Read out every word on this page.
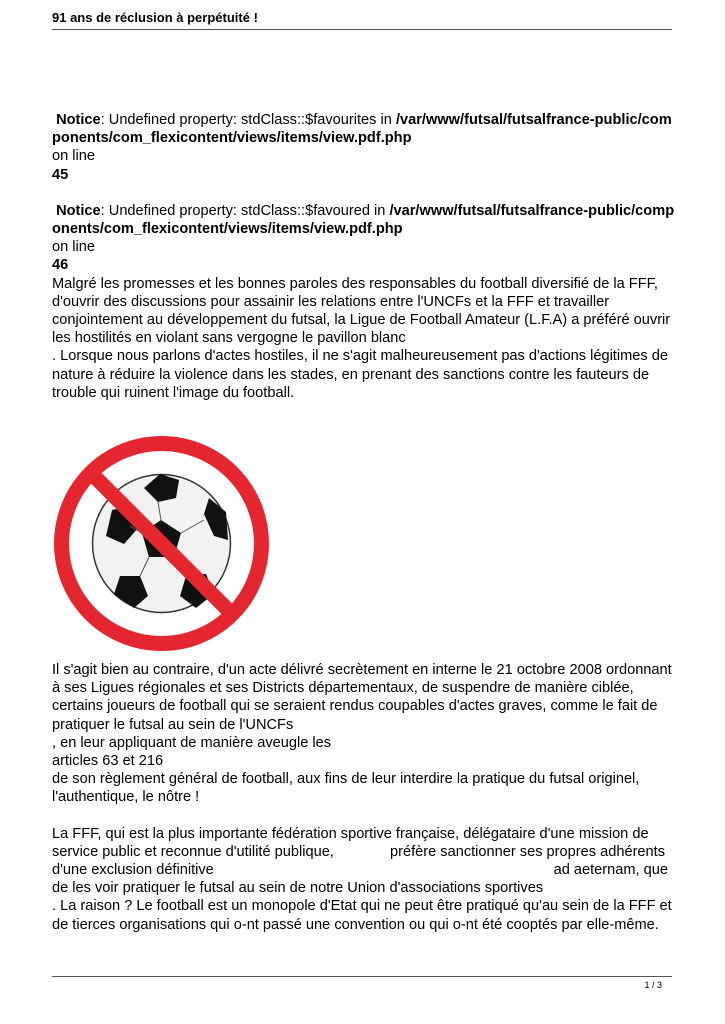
91 ans de réclusion à perpétuité !
Notice: Undefined property: stdClass::$favourites in /var/www/futsal/futsalfrance-public/components/com_flexicontent/views/items/view.pdf.php
on line
45
Notice: Undefined property: stdClass::$favoured in /var/www/futsal/futsalfrance-public/components/com_flexicontent/views/items/view.pdf.php
on line
46

Malgré les promesses et les bonnes paroles des responsables du football diversifié de la FFF, d'ouvrir des discussions pour assainir les relations entre l'UNCFs et la FFF et travailler conjointement au développement du futsal, la Ligue de Football Amateur (L.F.A) a préféré ouvrir les hostilités en violant sans vergogne le pavillon blanc

. Lorsque nous parlons d'actes hostiles, il ne s'agit malheureusement pas d'actions légitimes de nature à réduire la violence dans les stades, en prenant des sanctions contre les fauteurs de trouble qui ruinent l'image du football.

Il s'agit bien au contraire, d'un acte délivré secrètement en interne le 21 octobre 2008 ordonnant à ses Ligues régionales et ses Districts départementaux, de suspendre de manière ciblée, certains joueurs de football qui se seraient rendus coupables d'actes graves, comme le fait de pratiquer le futsal au sein de l'UNCFs

, en leur appliquant de manière aveugle les

articles 63 et 216

de son règlement général de football, aux fins de leur interdire la pratique du futsal originel, l'authentique, le nôtre !

La FFF, qui est la plus importante fédération sportive française, délégataire d'une mission de service public et reconnue d'utilité publique,	préfère sanctionner ses propres adhérents

d'une exclusion définitive	ad aeternam, que

de les voir pratiquer le futsal au sein de notre Union d'associations sportives

. La raison ? Le football est un monopole d'Etat qui ne peut être pratiqué qu'au sein de la FFF et de tierces organisations qui o-nt passé une convention ou qui o-nt été cooptés par elle-même.

1 / 3
